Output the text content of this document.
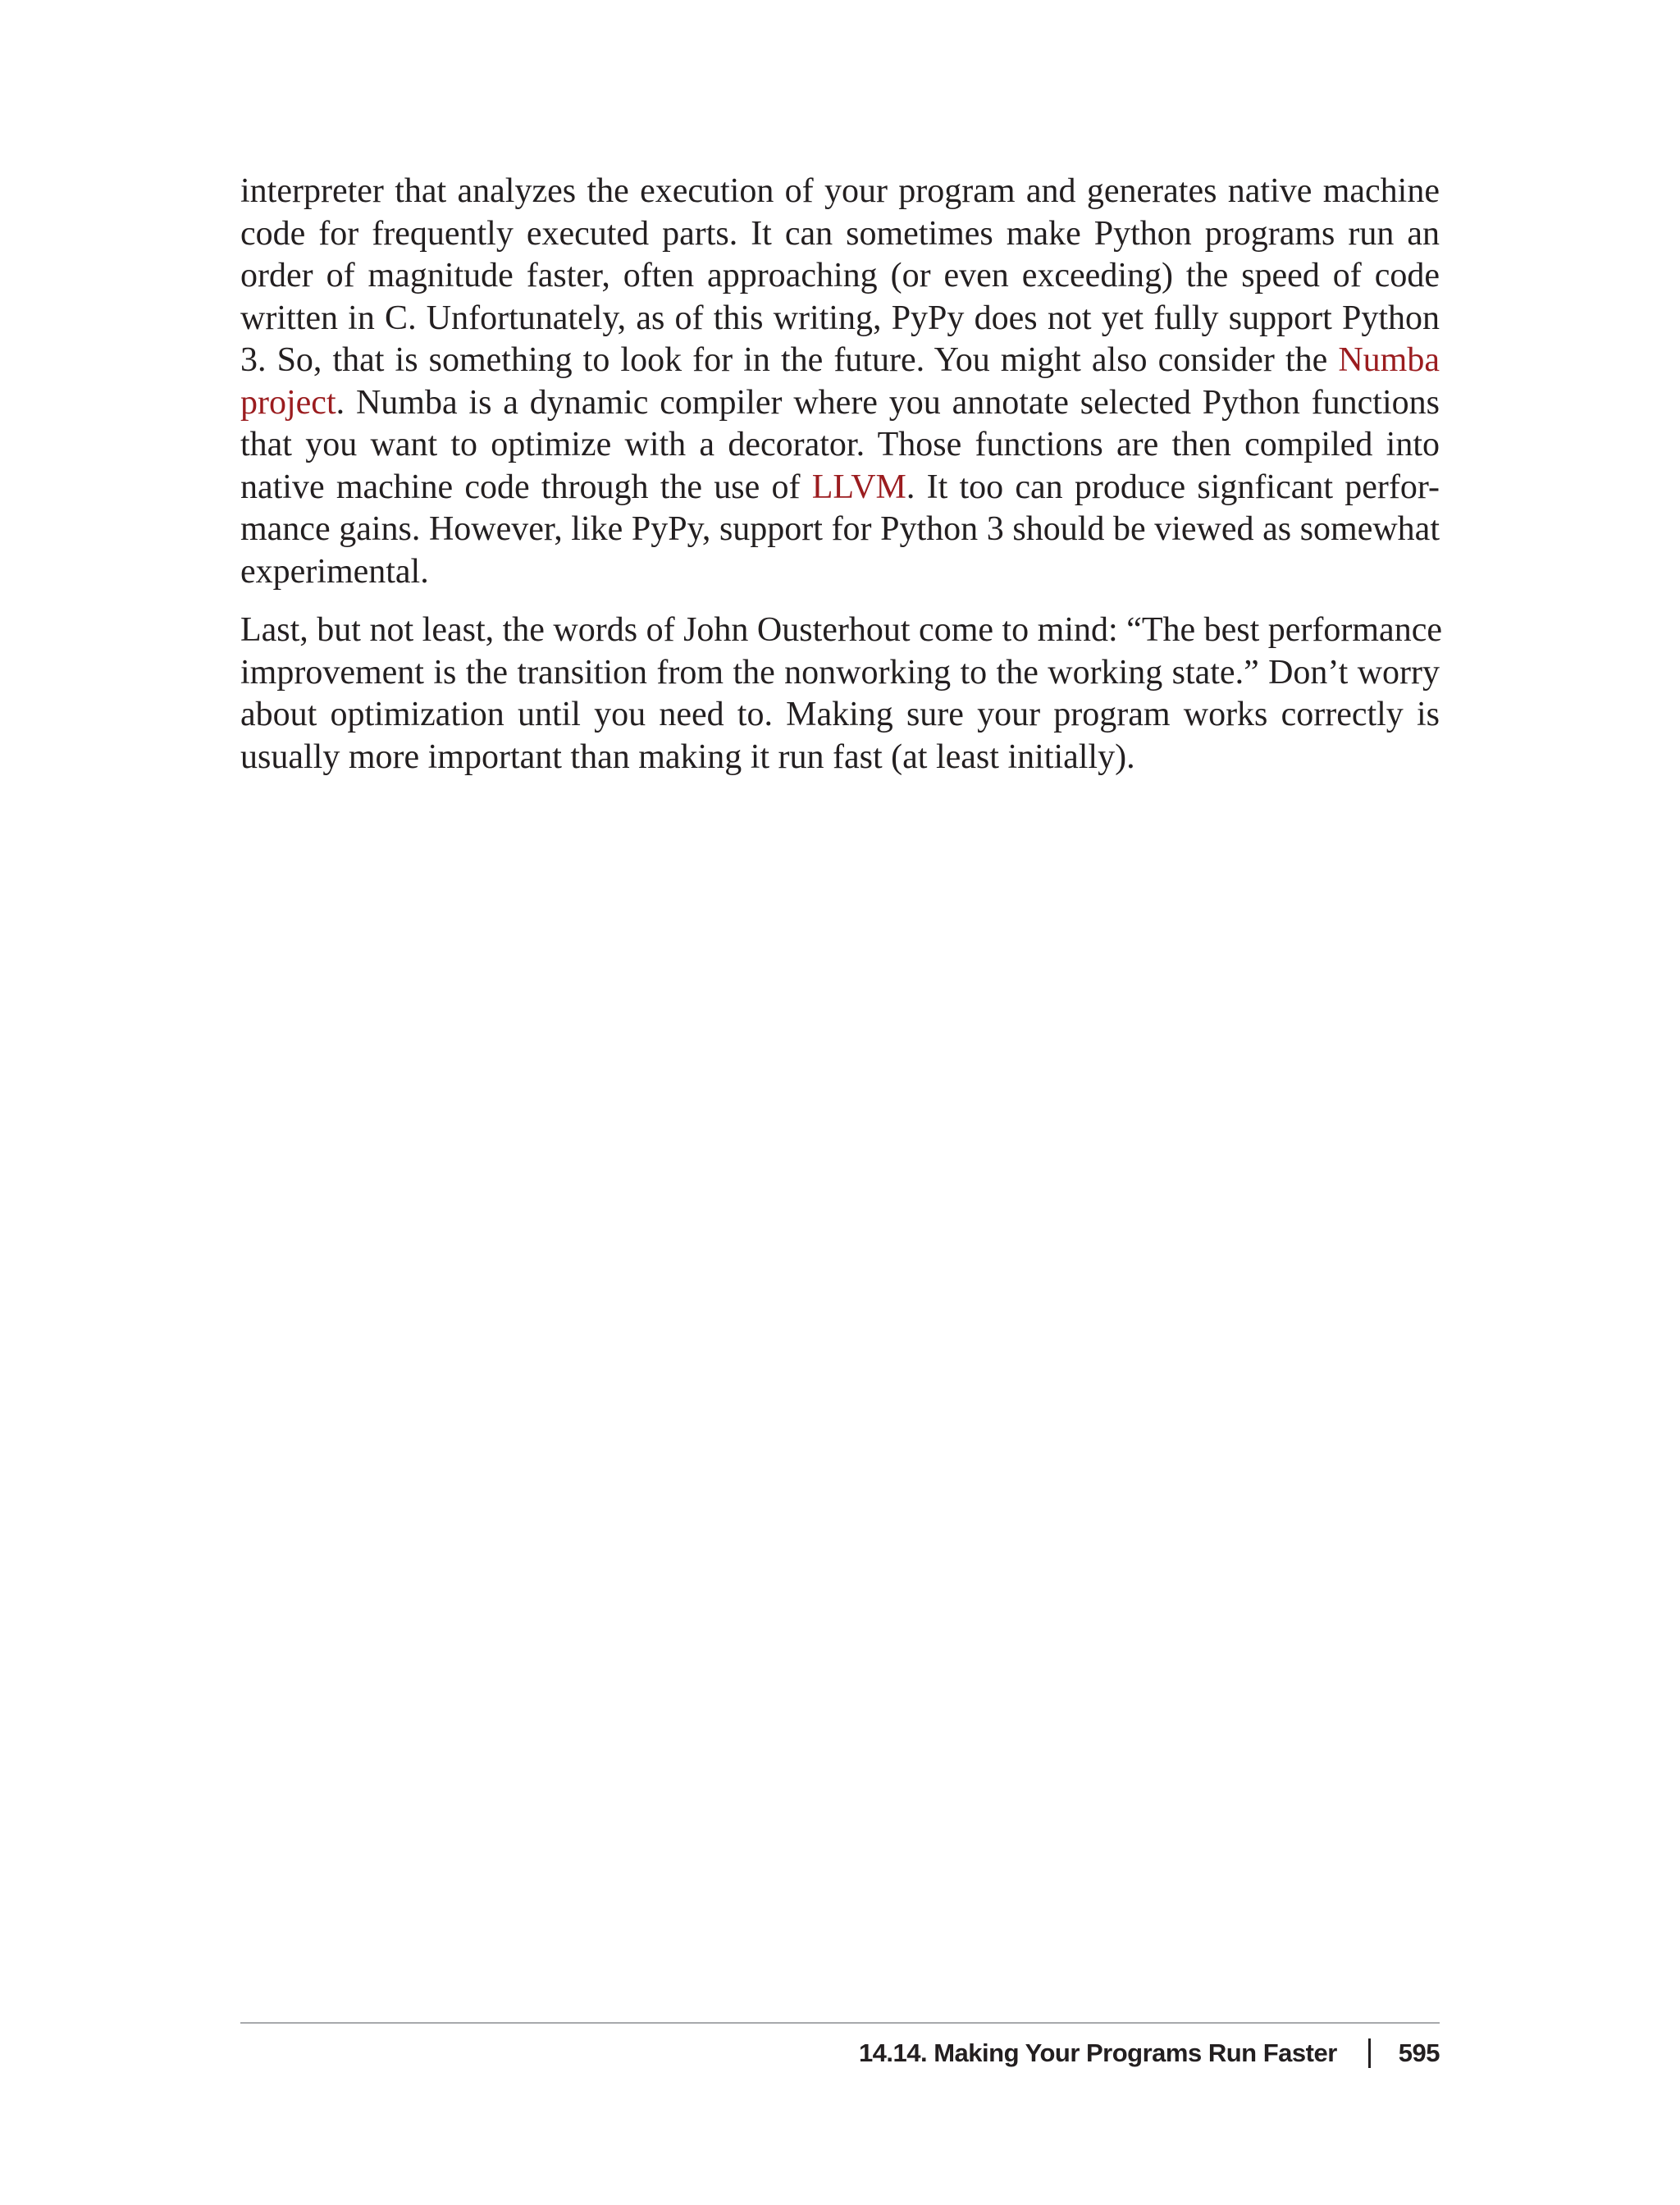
interpreter that analyzes the execution of your program and generates native machine
code for frequently executed parts. It can sometimes make Python programs run an
order of magnitude faster, often approaching (or even exceeding) the speed of code
written in C. Unfortunately, as of this writing, PyPy does not yet fully support Python
3. So, that is something to look for in the future. You might also consider the Numba
project. Numba is a dynamic compiler where you annotate selected Python functions
that you want to optimize with a decorator. Those functions are then compiled into
native machine code through the use of LLVM. It too can produce signficant perfor-
mance gains. However, like PyPy, support for Python 3 should be viewed as somewhat
experimental.

Last, but not least, the words of John Ousterhout come to mind: “The best performance
improvement is the transition from the nonworking to the working state.” Don’t worry
about optimization until you need to. Making sure your program works correctly is
usually more important than making it run fast (at least initially).

14.14. Making Your Programs Run Faster 595
